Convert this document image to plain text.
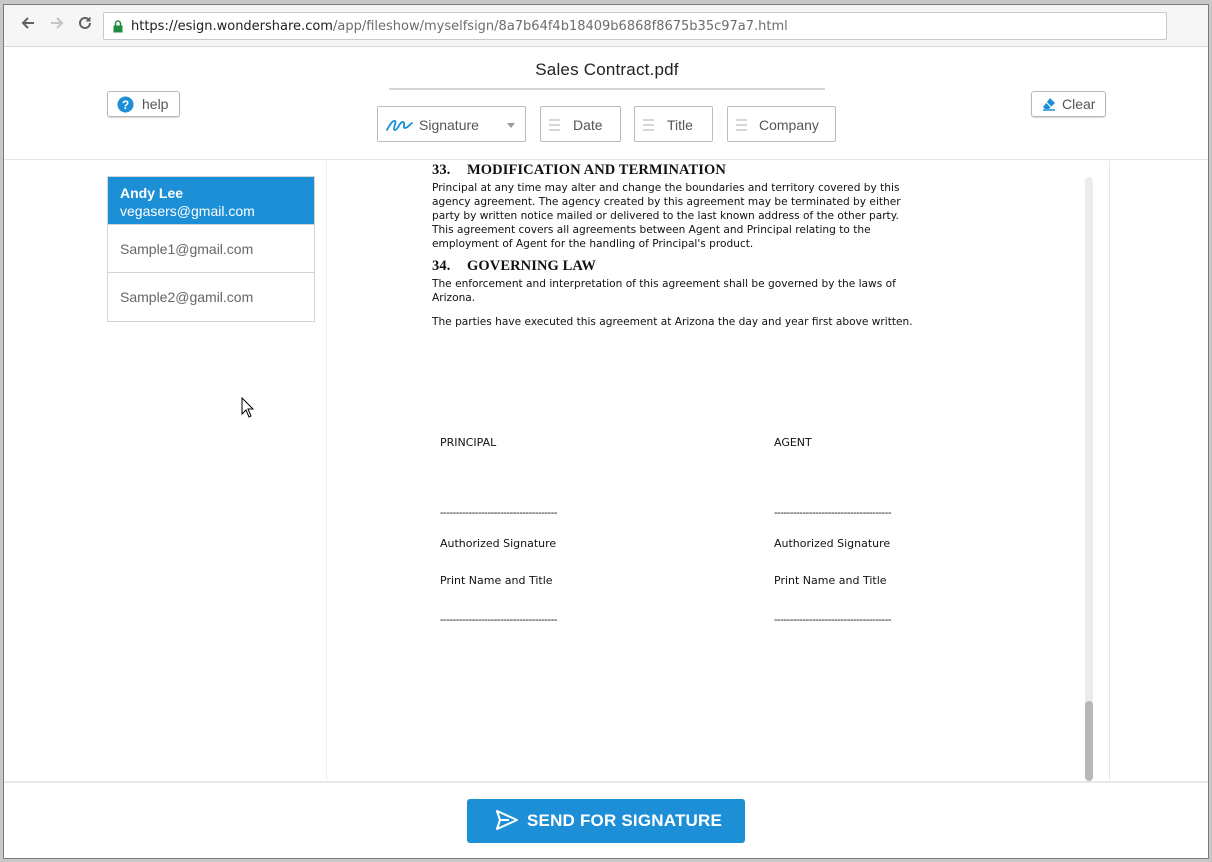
https://esign.wondershare.com/app/fileshow/myselfsign/8a7b64f4b18409b6868f8675b35c97a7.html
Sales Contract.pdf
? help
Signature	Date	Title	Company
Clear
Andy Lee
vegasers@gmail.com
Sample1@gmail.com
Sample2@gamil.com
33. MODIFICATION AND TERMINATION
Principal at any time may alter and change the boundaries and territory covered by this
agency agreement. The agency created by this agreement may be terminated by either
party by written notice mailed or delivered to the last known address of the other party.
This agreement covers all agreements between Agent and Principal relating to the
employment of Agent for the handling of Principal's product.
34. GOVERNING LAW
The enforcement and interpretation of this agreement shall be governed by the laws of
Arizona.
The parties have executed this agreement at Arizona the day and year first above written.
PRINCIPAL	AGENT
-------------------------------------	-------------------------------------
Authorized Signature	Authorized Signature
Print Name and Title	Print Name and Title
-------------------------------------	-------------------------------------
SEND FOR SIGNATURE
